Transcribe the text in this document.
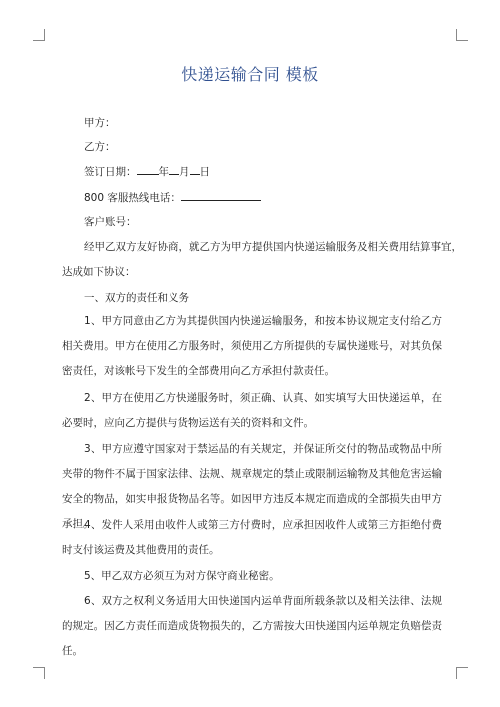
快递运输合同 模板
甲方：
乙方：
签订日期： 年 月 日
800 客服热线电话：
客户账号：
经甲乙双方友好协商，就乙方为甲方提供国内快递运输服务及相关费用结算事宜，
达成如下协议：
一、双方的责任和义务
1、甲方同意由乙方为其提供国内快递运输服务，和按本协议规定支付给乙方相关费用。甲方在使用乙方服务时，须使用乙方所提供的专属快递账号，对其负保密责任，对该帐号下发生的全部费用向乙方承担付款责任。
2、甲方在使用乙方快递服务时，须正确、认真、如实填写大田快递运单，在必要时，应向乙方提供与货物运送有关的资料和文件。
3、甲方应遵守国家对于禁运品的有关规定，并保证所交付的物品或物品中所夹带的物件不属于国家法律、法规、规章规定的禁止或限制运输物及其他危害运输安全的物品，如实申报货物品名等。如因甲方违反本规定而造成的全部损失由甲方承担。
4、发件人采用由收件人或第三方付费时，应承担因收件人或第三方拒绝付费时支付该运费及其他费用的责任。
5、甲乙双方必须互为对方保守商业秘密。
6、双方之权利义务适用大田快递国内运单背面所载条款以及相关法律、法规的规定。因乙方责任而造成货物损失的，乙方需按大田快递国内运单规定负赔偿责任。
